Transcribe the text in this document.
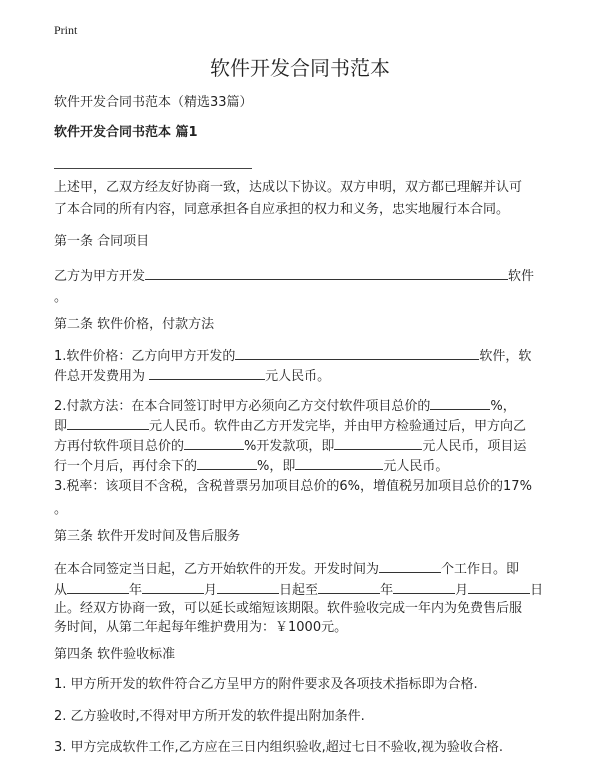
Print
软件开发合同书范本
软件开发合同书范本（精选33篇）
软件开发合同书范本 篇1
上述甲，乙双方经友好协商一致，达成以下协议。双方申明，双方都已理解并认可
了本合同的所有内容，同意承担各自应承担的权力和义务，忠实地履行本合同。
第一条 合同项目
乙方为甲方开发	软件
。
第二条 软件价格，付款方法
1.软件价格：乙方向甲方开发的	软件，软
件总开发费用为	元人民币。
2.付款方法：在本合同签订时甲方必须向乙方交付软件项目总价的	%，
即	元人民币。软件由乙方开发完毕，并由甲方检验通过后，甲方向乙
方再付软件项目总价的	%开发款项，即	元人民币，项目运
行一个月后，再付余下的	%，即	元人民币。
3.税率：该项目不含税，含税普票另加项目总价的6%，增值税另加项目总价的17%
。
第三条 软件开发时间及售后服务
在本合同签定当日起，乙方开始软件的开发。开发时间为	个工作日。即
从	年	月	日起至	年	月	日
止。经双方协商一致，可以延长或缩短该期限。软件验收完成一年内为免费售后服
务时间，从第二年起每年维护费用为：￥1000元。
第四条 软件验收标准
1. 甲方所开发的软件符合乙方呈甲方的附件要求及各项技术指标即为合格.
2. 乙方验收时,不得对甲方所开发的软件提出附加条件.
3. 甲方完成软件工作,乙方应在三日内组织验收,超过七日不验收,视为验收合格.
